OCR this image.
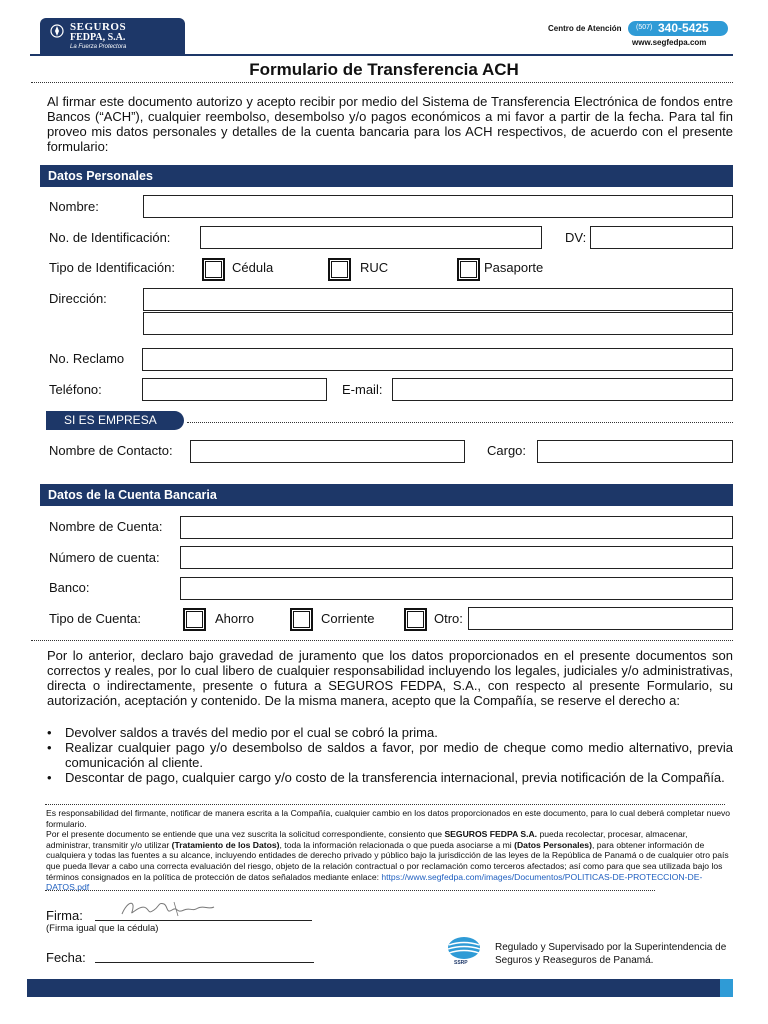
SEGUROS
FEDPA, S.A.
La Fuerza Protectora
Centro de Atención (507) 340-5425
www.segfedpa.com
Formulario de Transferencia ACH
Al firmar este documento autorizo y acepto recibir por medio del Sistema de Transferencia Electrónica de fondos entre Bancos (“ACH”), cualquier reembolso, desembolso y/o pagos económicos a mi favor a partir de la fecha. Para tal fin proveo mis datos personales y detalles de la cuenta bancaria para los ACH respectivos, de acuerdo con el presente formulario:
Datos Personales
Nombre:
No. de Identificación:	DV:
Tipo de Identificación:	Cédula	RUC	Pasaporte
Dirección:
No. Reclamo
Teléfono:	E-mail:
SI ES EMPRESA
Nombre de Contacto:	Cargo:
Datos de la Cuenta Bancaria
Nombre de Cuenta:
Número de cuenta:
Banco:
Tipo de Cuenta:	Ahorro	Corriente	Otro:
Por lo anterior, declaro bajo gravedad de juramento que los datos proporcionados en el presente documentos son correctos y reales, por lo cual libero de cualquier responsabilidad incluyendo los legales, judiciales y/o administrativas, directa o indirectamente, presente o futura a SEGUROS FEDPA, S.A., con respecto al presente Formulario, su autorización, aceptación y contenido. De la misma manera, acepto que la Compañía, se reserve el derecho a:
• Devolver saldos a través del medio por el cual se cobró la prima.
• Realizar cualquier pago y/o desembolso de saldos a favor, por medio de cheque como medio alternativo, previa comunicación al cliente.
• Descontar de pago, cualquier cargo y/o costo de la transferencia internacional, previa notificación de la Compañía.
Es responsabilidad del firmante, notificar de manera escrita a la Compañía, cualquier cambio en los datos proporcionados en este documento, para lo cual deberá completar nuevo formulario.
Por el presente documento se entiende que una vez suscrita la solicitud correspondiente, consiento que SEGUROS FEDPA S.A. pueda recolectar, procesar, almacenar, administrar, transmitir y/o utilizar (Tratamiento de los Datos), toda la información relacionada o que pueda asociarse a mi (Datos Personales), para obtener información de cualquiera y todas las fuentes a su alcance, incluyendo entidades de derecho privado y público bajo la jurisdicción de las leyes de la República de Panamá o de cualquier otro país que pueda llevar a cabo una correcta evaluación del riesgo, objeto de la relación contractual o por reclamación como terceros afectados; así como para que sea utilizada bajo los términos consignados en la política de protección de datos señalados mediante enlace: https://www.segfedpa.com/images/Documentos/POLITICAS-DE-PROTECCION-DE-DATOS.pdf
Firma:
(Firma igual que la cédula)
Fecha:	SSRP
Regulado y Supervisado por la Superintendencia de Seguros y Reaseguros de Panamá.
